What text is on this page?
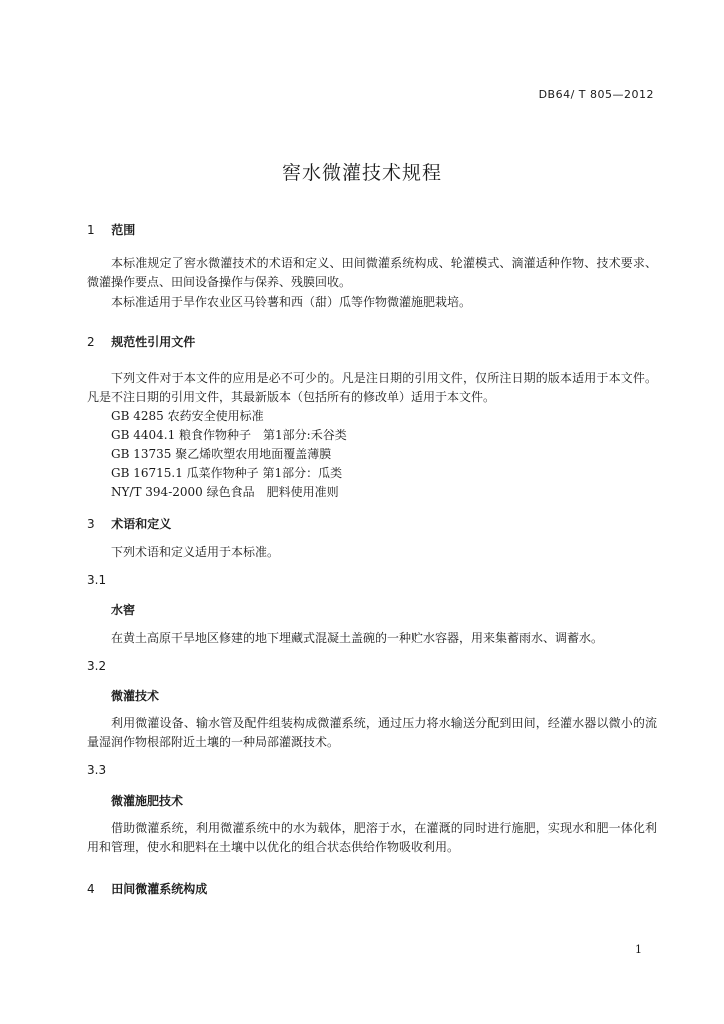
DB64/ T 805—2012
窖水微灌技术规程
1 范围
本标准规定了窖水微灌技术的术语和定义、田间微灌系统构成、轮灌模式、滴灌适种作物、技术要求、微灌操作要点、田间设备操作与保养、残膜回收。
本标准适用于旱作农业区马铃薯和西（甜）瓜等作物微灌施肥栽培。
2 规范性引用文件
下列文件对于本文件的应用是必不可少的。凡是注日期的引用文件，仅所注日期的版本适用于本文件。凡是不注日期的引用文件，其最新版本（包括所有的修改单）适用于本文件。
GB 4285 农药安全使用标准
GB 4404.1 粮食作物种子　第1部分:禾谷类
GB 13735 聚乙烯吹塑农用地面覆盖薄膜
GB 16715.1 瓜菜作物种子 第1部分：瓜类
NY/T 394-2000 绿色食品　肥料使用准则
3 术语和定义
下列术语和定义适用于本标准。
3.1
水窖
在黄土高原干旱地区修建的地下埋藏式混凝土盖碗的一种贮水容器，用来集蓄雨水、调蓄水。
3.2
微灌技术
利用微灌设备、输水管及配件组装构成微灌系统，通过压力将水输送分配到田间，经灌水器以微小的流量湿润作物根部附近土壤的一种局部灌溉技术。
3.3
微灌施肥技术
借助微灌系统，利用微灌系统中的水为载体，肥溶于水，在灌溉的同时进行施肥，实现水和肥一体化利用和管理，使水和肥料在土壤中以优化的组合状态供给作物吸收利用。
4 田间微灌系统构成
1
